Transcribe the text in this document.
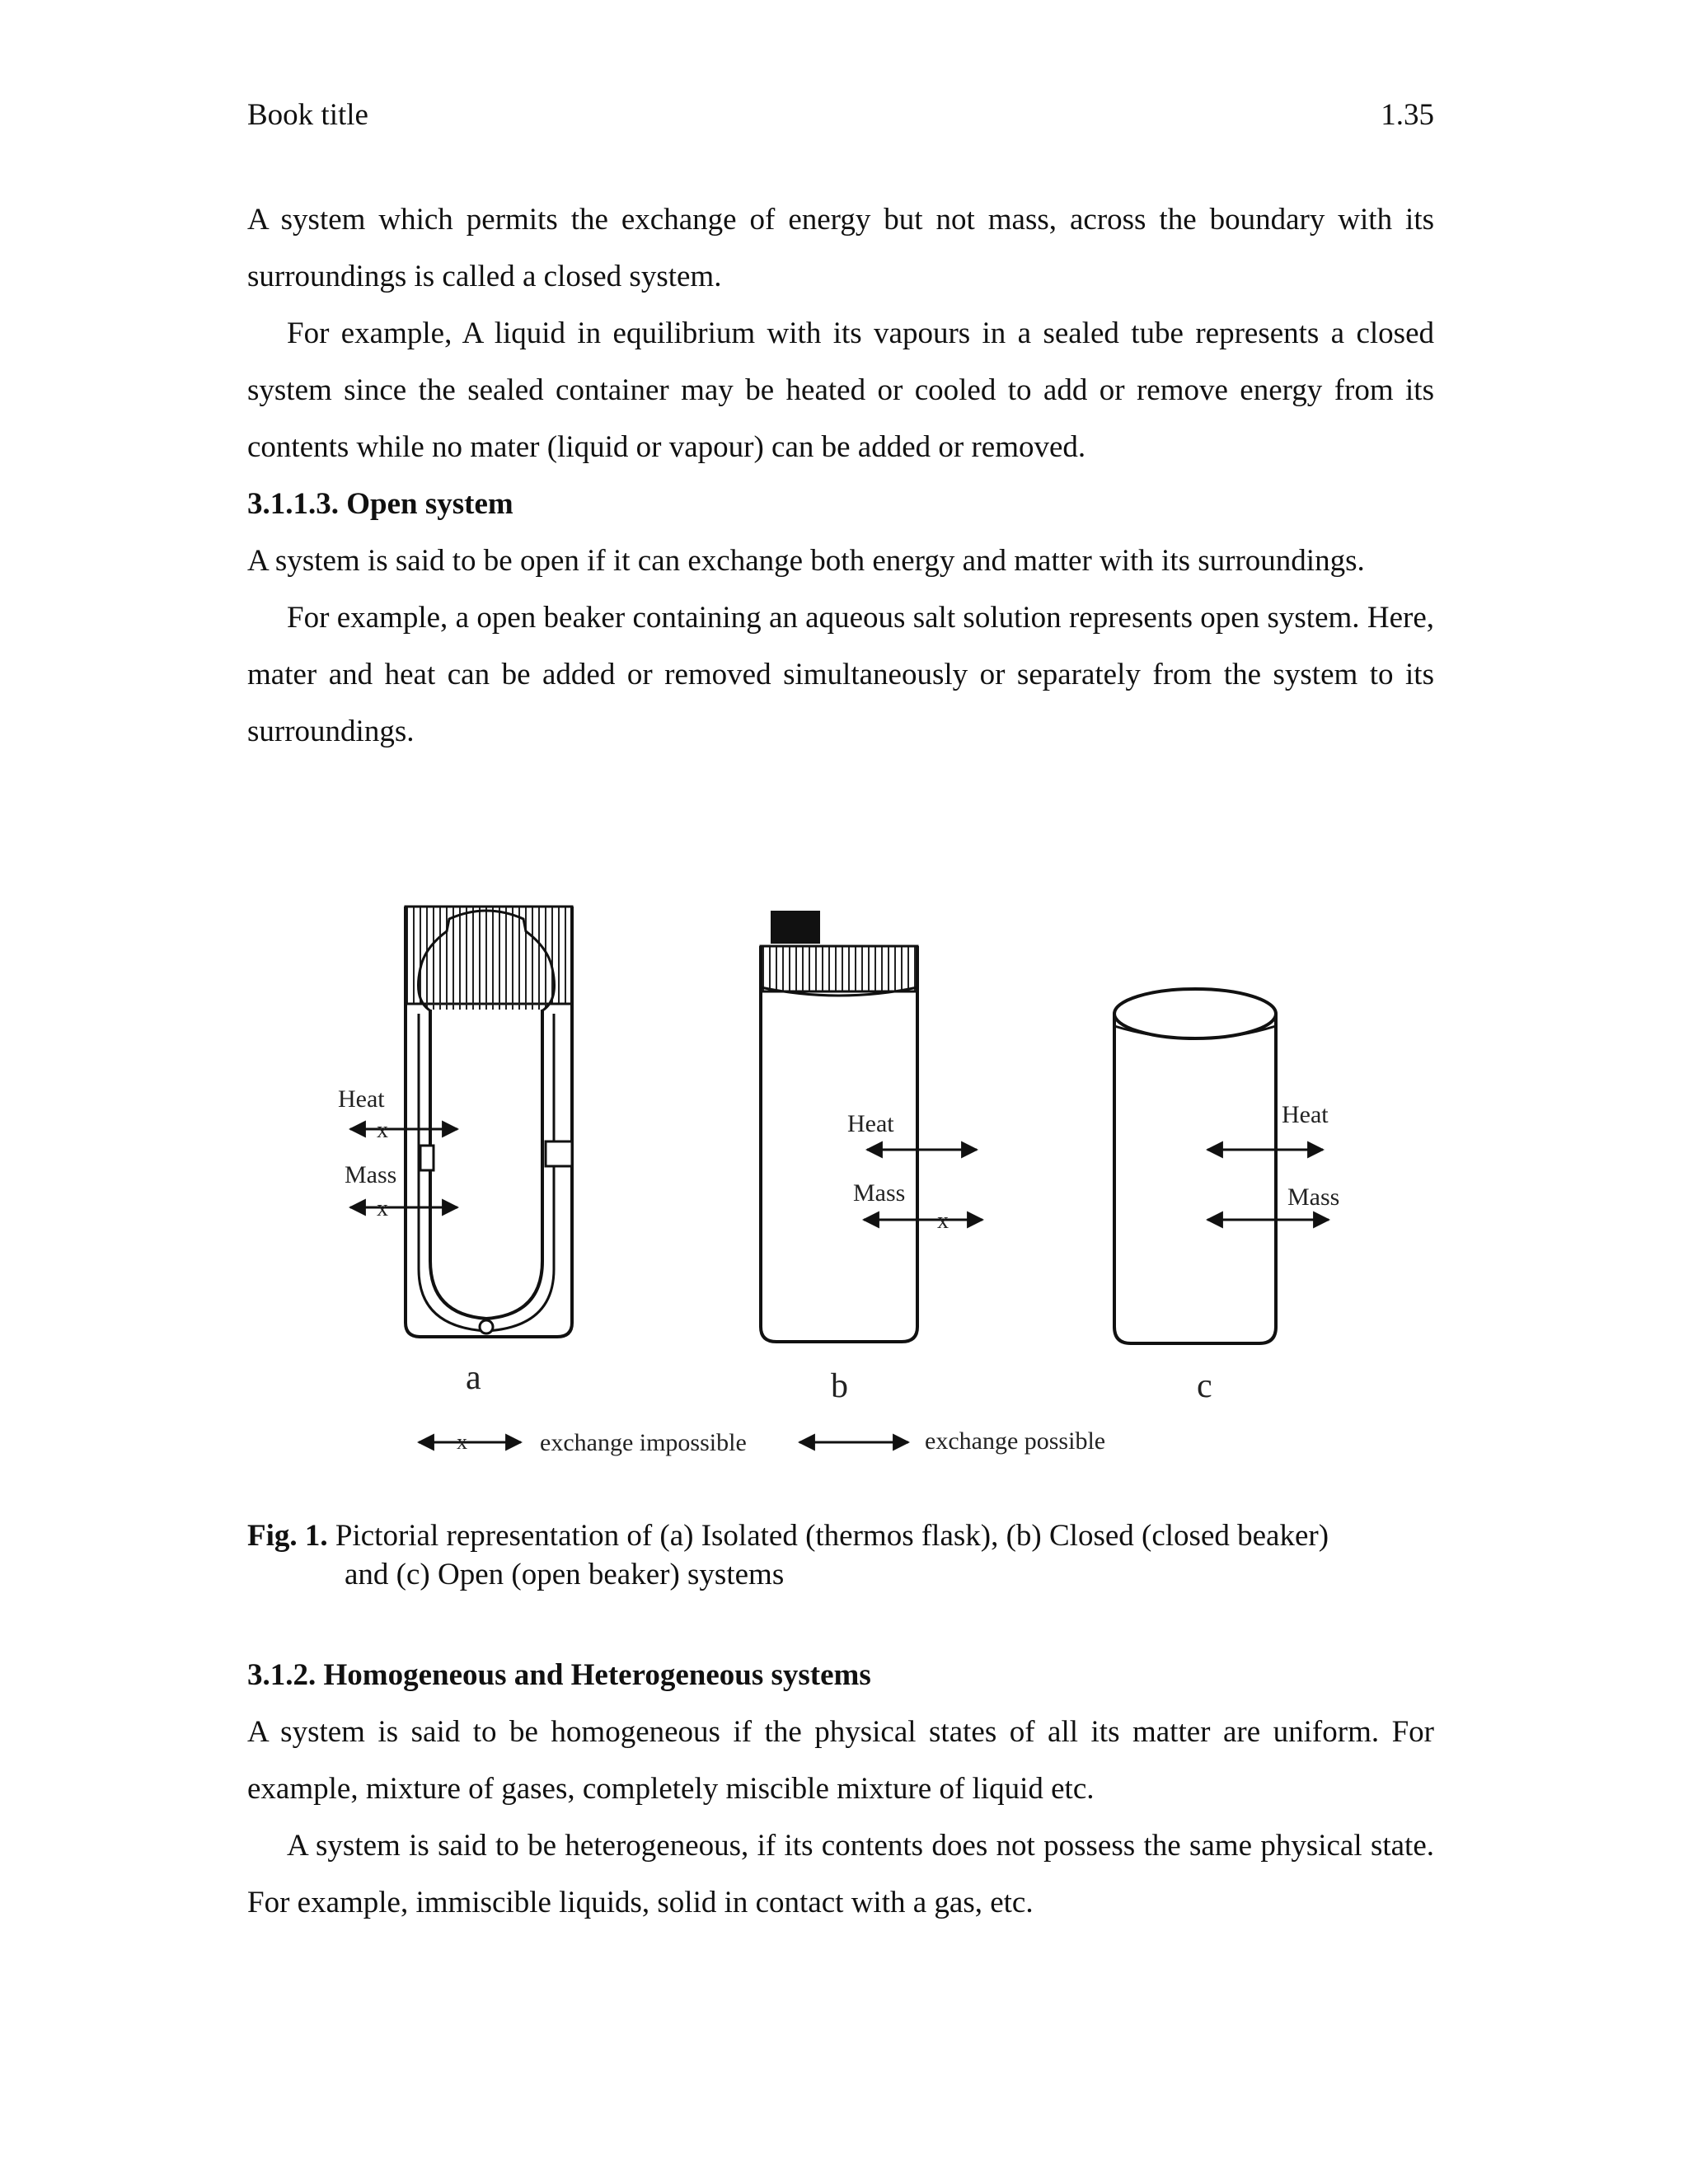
Book title	1.35

A system which permits the exchange of energy but not mass, across the boundary with its surroundings is called a closed system.

For example, A liquid in equilibrium with its vapours in a sealed tube represents a closed system since the sealed container may be heated or cooled to add or remove energy from its contents while no mater (liquid or vapour) can be added or removed.

3.1.1.3. Open system

A system is said to be open if it can exchange both energy and matter with its surroundings.

For example, a open beaker containing an aqueous salt solution represents open system. Here, mater and heat can be added or removed simultaneously or separately from the system to its surroundings.

Heat
x
Mass
x
a
Heat
Mass
x
b
Heat
Mass
c
x	exchange impossible	exchange possible
Fig. 1. Pictorial representation of (a) Isolated (thermos flask), (b) Closed (closed beaker)
and (c) Open (open beaker) systems

3.1.2. Homogeneous and Heterogeneous systems

A system is said to be homogeneous if the physical states of all its matter are uniform. For example, mixture of gases, completely miscible mixture of liquid etc.

A system is said to be heterogeneous, if its contents does not possess the same physical state. For example, immiscible liquids, solid in contact with a gas, etc.
